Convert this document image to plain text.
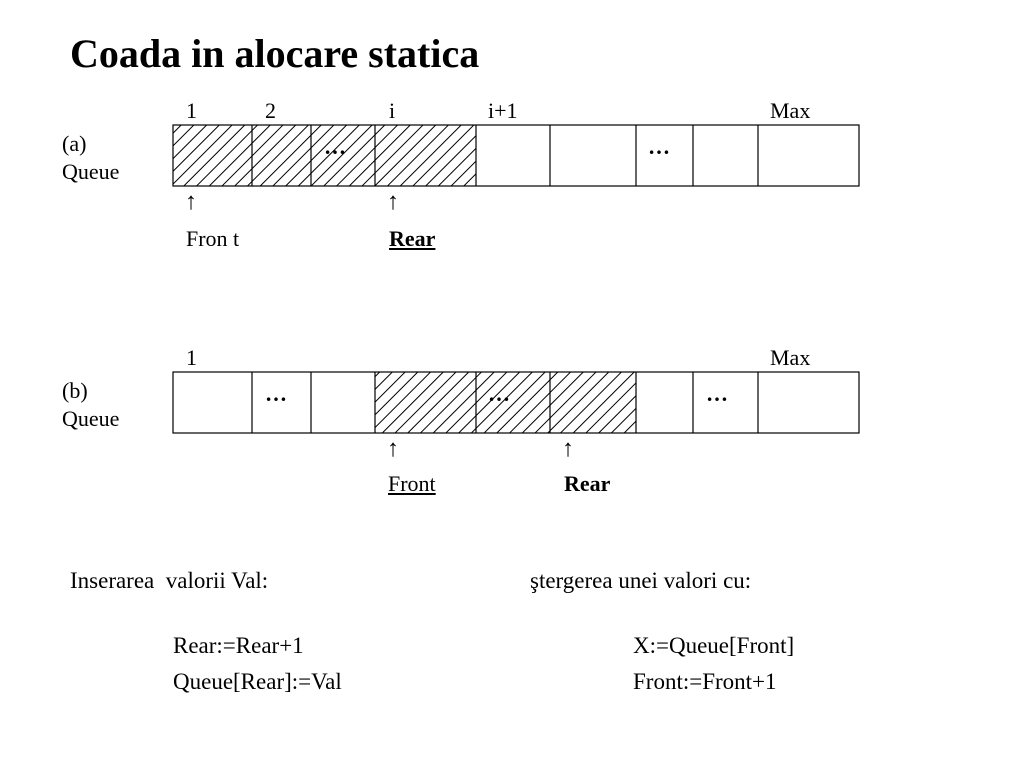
Coada in alocare statica
1	2	i	i+1	Max
(a)
Queue
…	…
↑	↑
Fron t	Rear
1	Max
(b)
Queue
…	…	…
↑	↑
Front	Rear
Inserarea  valorii Val:
Rear:=Rear+1
Queue[Rear]:=Val
ştergerea unei valori cu:
X:=Queue[Front]
Front:=Front+1
